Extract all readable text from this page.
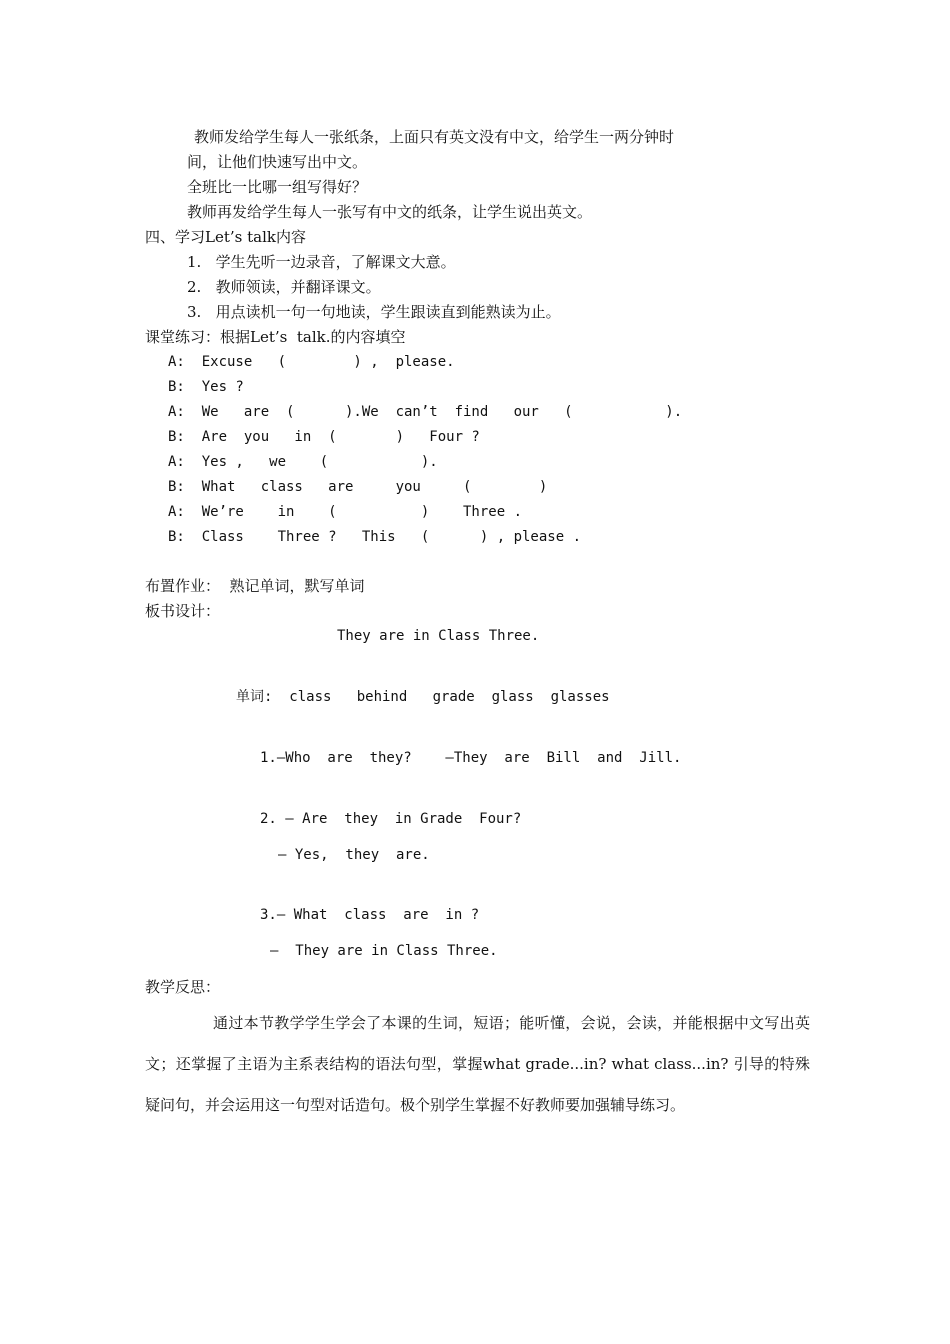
教师发给学生每人一张纸条，上面只有英文没有中文，给学生一两分钟时
间，让他们快速写出中文。
全班比一比哪一组写得好？
教师再发给学生每人一张写有中文的纸条，让学生说出英文。
四、学习Let’s talk内容
1.   学生先听一边录音，了解课文大意。
2.   教师领读，并翻译课文。
3.   用点读机一句一句地读，学生跟读直到能熟读为止。
课堂练习：根据Let’s  talk.的内容填空
A:  Excuse   (        ) ,  please.
B:  Yes ?
A:  We   are  (      ).We  can’t  find   our   (           ).
B:  Are  you   in  (       )   Four ?
A:  Yes ,   we    (           ).
B:  What   class   are     you     (        )
A:  We’re    in    (          )    Three .
B:  Class    Three ?   This   (      ) , please .
布置作业：  熟记单词，默写单词
板书设计：
They are in Class Three.
单词:  class   behind   grade  glass  glasses
1.—Who  are  they?    —They  are  Bill  and  Jill.
2. — Are  they  in Grade  Four?
— Yes,  they  are.
3.— What  class  are  in ?
—  They are in Class Three.
教学反思：

通过本节教学学生学会了本课的生词，短语；能听懂，会说，会读，并能根据中文写出英文；还掌握了主语为主系表结构的语法句型，掌握what grade...in? what class...in? 引导的特殊疑问句，并会运用这一句型对话造句。极个别学生掌握不好教师要加强辅导练习。
